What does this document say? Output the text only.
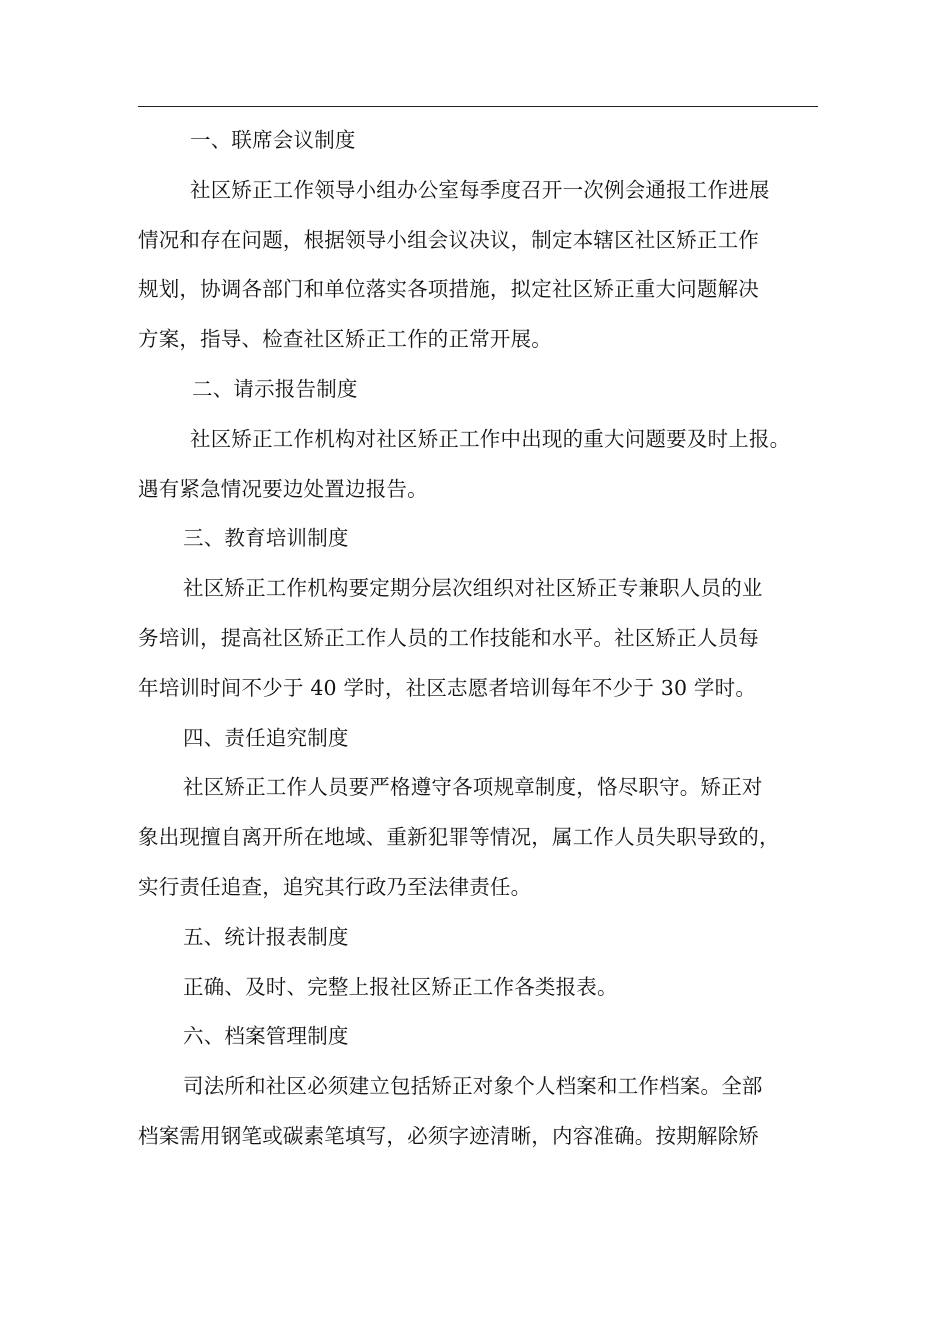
一、联席会议制度
社区矫正工作领导小组办公室每季度召开一次例会通报工作进展
情况和存在问题，根据领导小组会议决议，制定本辖区社区矫正工作
规划，协调各部门和单位落实各项措施，拟定社区矫正重大问题解决
方案，指导、检查社区矫正工作的正常开展。
二、请示报告制度
社区矫正工作机构对社区矫正工作中出现的重大问题要及时上报。
遇有紧急情况要边处置边报告。
三、教育培训制度
社区矫正工作机构要定期分层次组织对社区矫正专兼职人员的业
务培训，提高社区矫正工作人员的工作技能和水平。社区矫正人员每
年培训时间不少于 40 学时，社区志愿者培训每年不少于 30 学时。
四、责任追究制度
社区矫正工作人员要严格遵守各项规章制度，恪尽职守。矫正对
象出现擅自离开所在地域、重新犯罪等情况，属工作人员失职导致的，
实行责任追查，追究其行政乃至法律责任。
五、统计报表制度
正确、及时、完整上报社区矫正工作各类报表。
六、档案管理制度
司法所和社区必须建立包括矫正对象个人档案和工作档案。全部
档案需用钢笔或碳素笔填写，必须字迹清晰，内容准确。按期解除矫
